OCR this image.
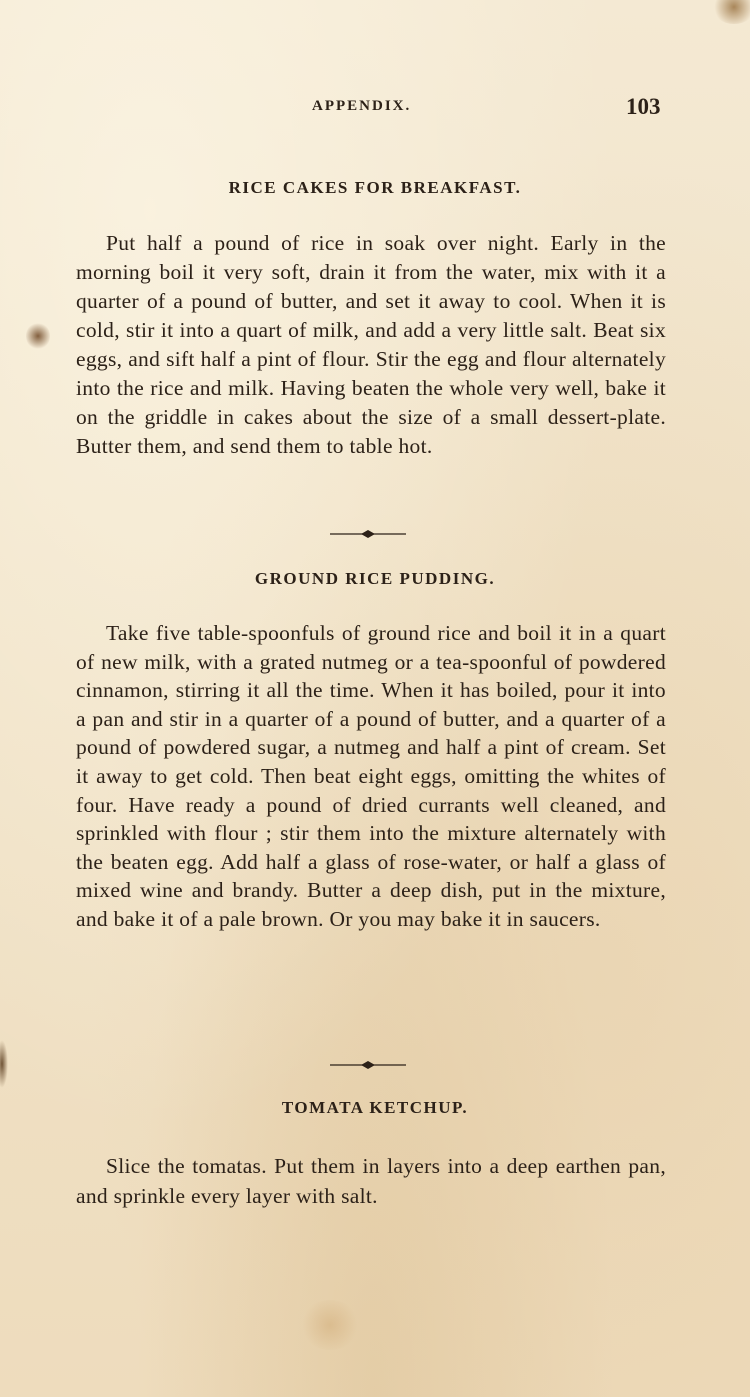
APPENDIX.	103
RICE CAKES FOR BREAKFAST.

Put half a pound of rice in soak over night. Early in the morning boil it very soft, drain it from the water, mix with it a quarter of a pound of butter, and set it away to cool. When it is cold, stir it into a quart of milk, and add a very little salt. Beat six eggs, and sift half a pint of flour. Stir the egg and flour alternately into the rice and milk. Having beaten the whole very well, bake it on the griddle in cakes about the size of a small dessert-plate. Butter them, and send them to table hot.

GROUND RICE PUDDING.

Take five table-spoonfuls of ground rice and boil it in a quart of new milk, with a grated nutmeg or a tea-spoonful of powdered cinnamon, stirring it all the time. When it has boiled, pour it into a pan and stir in a quarter of a pound of butter, and a quarter of a pound of powdered sugar, a nutmeg and half a pint of cream. Set it away to get cold. Then beat eight eggs, omitting the whites of four. Have ready a pound of dried currants well cleaned, and sprinkled with flour ; stir them into the mixture alternately with the beaten egg. Add half a glass of rose-water, or half a glass of mixed wine and brandy. Butter a deep dish, put in the mixture, and bake it of a pale brown. Or you may bake it in saucers.

TOMATA KETCHUP.

Slice the tomatas. Put them in layers into a deep earthen pan, and sprinkle every layer with salt.
